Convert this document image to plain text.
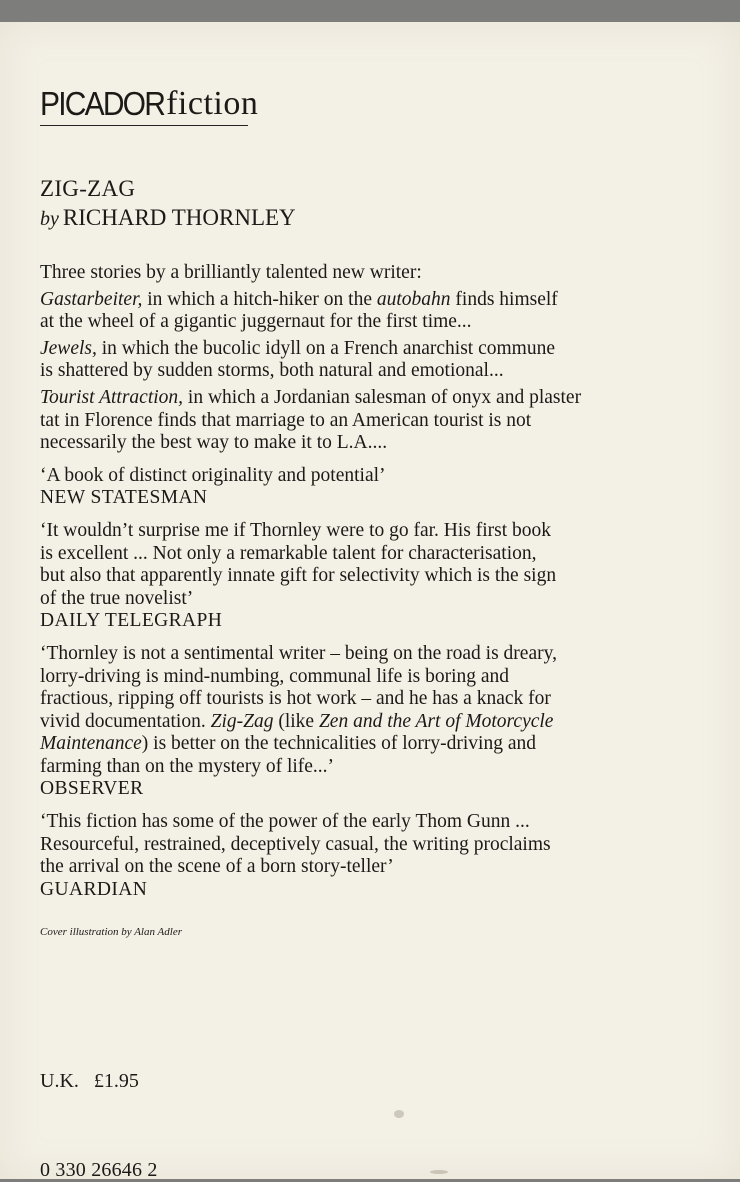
PICADOR fiction
ZIG-ZAG
by RICHARD THORNLEY

Three stories by a brilliantly talented new writer:

Gastarbeiter, in which a hitch-hiker on the autobahn finds himself

at the wheel of a gigantic juggernaut for the first time...

Jewels, in which the bucolic idyll on a French anarchist commune

is shattered by sudden storms, both natural and emotional...

Tourist Attraction, in which a Jordanian salesman of onyx and plaster

tat in Florence finds that marriage to an American tourist is not

necessarily the best way to make it to L.A....

‘A book of distinct originality and potential’

NEW STATESMAN

‘It wouldn’t surprise me if Thornley were to go far. His first book

is excellent ... Not only a remarkable talent for characterisation,

but also that apparently innate gift for selectivity which is the sign

of the true novelist’

DAILY TELEGRAPH

‘Thornley is not a sentimental writer – being on the road is dreary,

lorry-driving is mind-numbing, communal life is boring and

fractious, ripping off tourists is hot work – and he has a knack for

vivid documentation. Zig-Zag (like Zen and the Art of Motorcycle

Maintenance) is better on the technicalities of lorry-driving and

farming than on the mystery of life...’

OBSERVER

‘This fiction has some of the power of the early Thom Gunn ...

Resourceful, restrained, deceptively casual, the writing proclaims

the arrival on the scene of a born story-teller’

GUARDIAN

Cover illustration by Alan Adler
U.K. £1.95
0 330 26646 2
